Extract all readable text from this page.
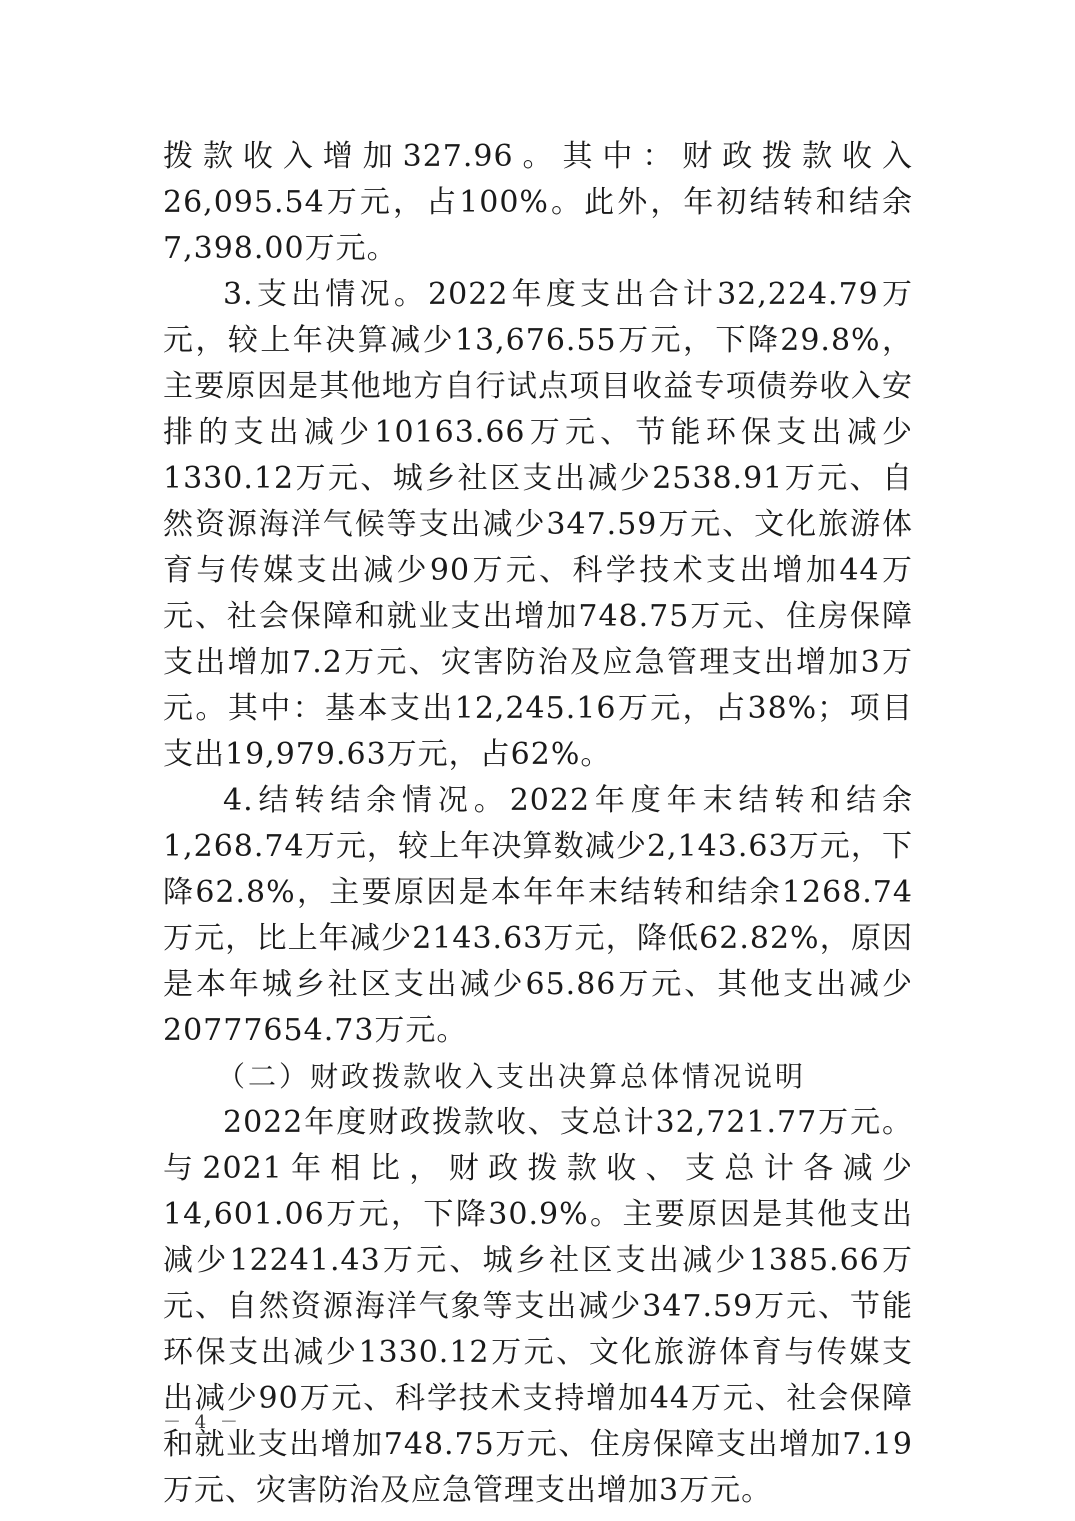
拨款收入增加327.96。其中：财政拨款收入26,095.54万元，占100%。此外，年初结转和结余7,398.00万元。

3.支出情况。2022年度支出合计32,224.79万元，较上年决算减少13,676.55万元，下降29.8%，主要原因是其他地方自行试点项目收益专项债券收入安排的支出减少10163.66万元、节能环保支出减少1330.12万元、城乡社区支出减少2538.91万元、自然资源海洋气候等支出减少347.59万元、文化旅游体育与传媒支出减少90万元、科学技术支出增加44万元、社会保障和就业支出增加748.75万元、住房保障支出增加7.2万元、灾害防治及应急管理支出增加3万元。其中：基本支出12,245.16万元，占38%；项目支出19,979.63万元，占62%。

4.结转结余情况。2022年度年末结转和结余1,268.74万元，较上年决算数减少2,143.63万元，下降62.8%，主要原因是本年年末结转和结余1268.74万元，比上年减少2143.63万元，降低62.82%，原因是本年城乡社区支出减少65.86万元、其他支出减少20777654.73万元。

（二）财政拨款收入支出决算总体情况说明

2022年度财政拨款收、支总计32,721.77万元。与2021年相比，财政拨款收、支总计各减少14,601.06万元，下降30.9%。主要原因是其他支出减少12241.43万元、城乡社区支出减少1385.66万元、自然资源海洋气象等支出减少347.59万元、节能环保支出减少1330.12万元、文化旅游体育与传媒支出减少90万元、科学技术支持增加44万元、社会保障和就业支出增加748.75万元、住房保障支出增加7.19万元、灾害防治及应急管理支出增加3万元。

－ 4 －
